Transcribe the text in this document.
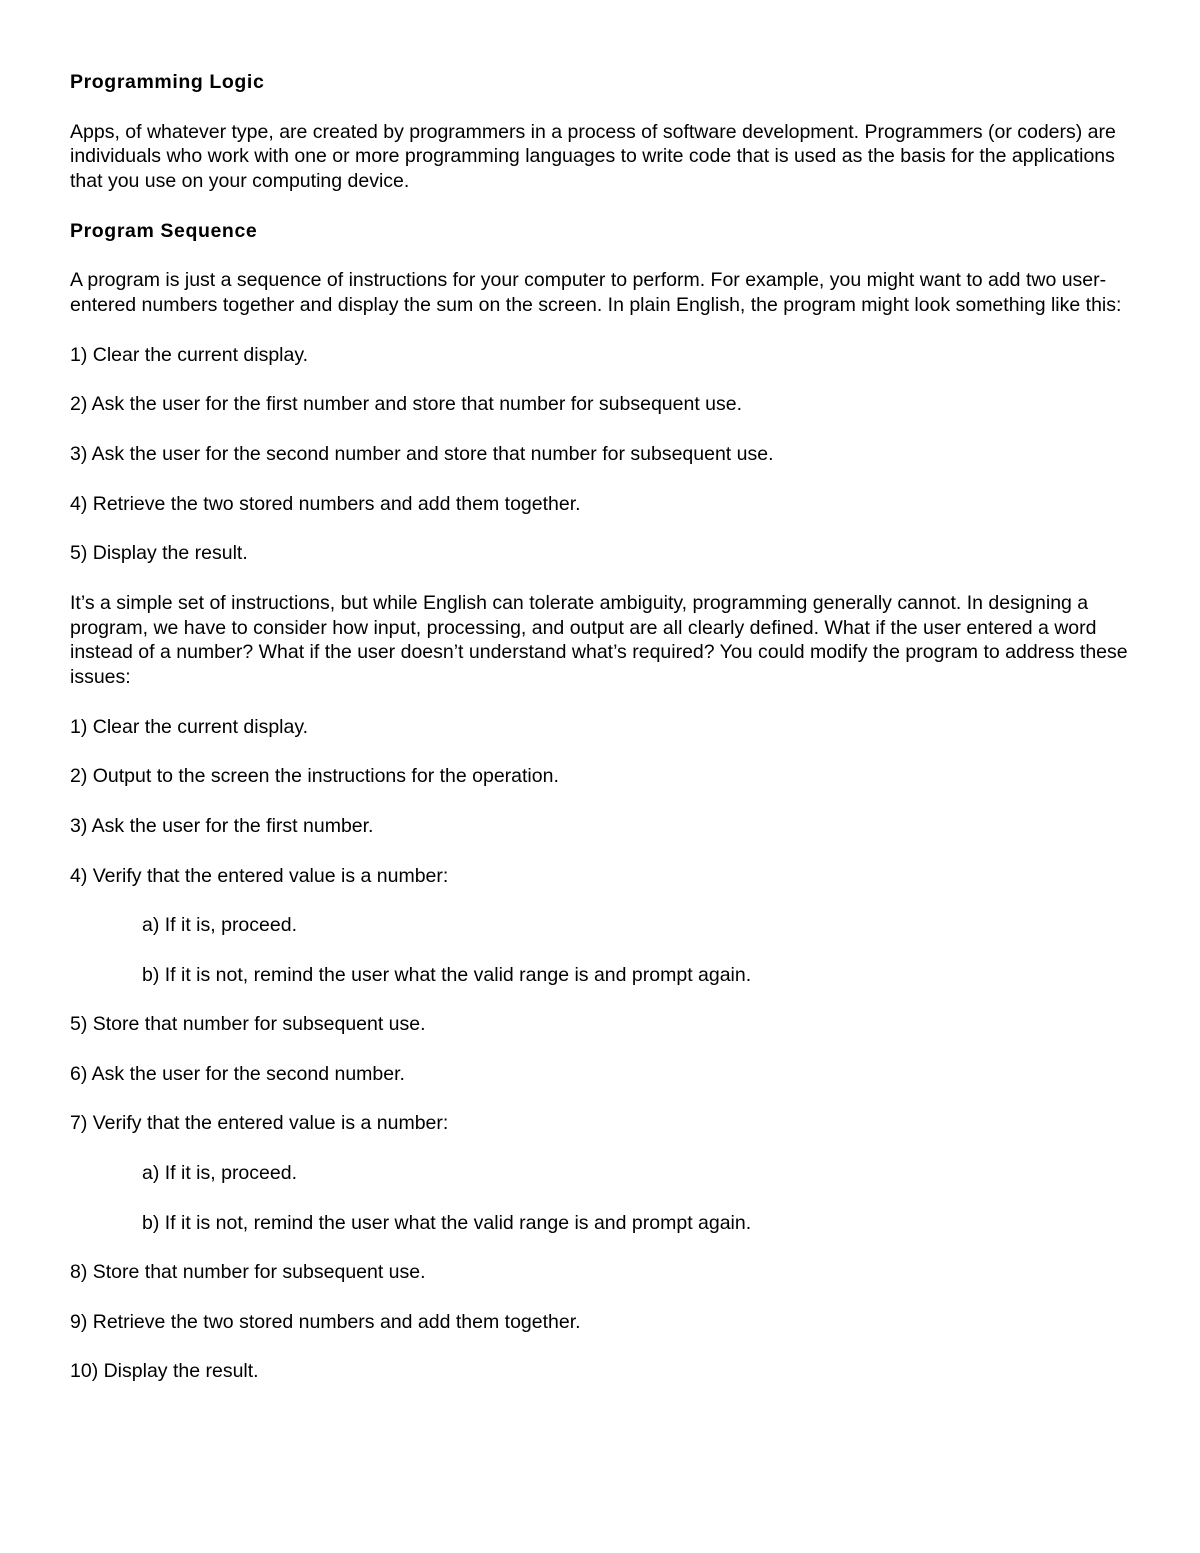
Programming Logic
Apps, of whatever type, are created by programmers in a process of software development. Programmers (or coders) are individuals who work with one or more programming languages to write code that is used as the basis for the applications that you use on your computing device.
Program Sequence
A program is just a sequence of instructions for your computer to perform. For example, you might want to add two user-entered numbers together and display the sum on the screen. In plain English, the program might look something like this:
1) Clear the current display.
2) Ask the user for the first number and store that number for subsequent use.
3) Ask the user for the second number and store that number for subsequent use.
4) Retrieve the two stored numbers and add them together.
5) Display the result.
It’s a simple set of instructions, but while English can tolerate ambiguity, programming generally cannot. In designing a program, we have to consider how input, processing, and output are all clearly defined. What if the user entered a word instead of a number? What if the user doesn’t understand what’s required? You could modify the program to address these issues:
1) Clear the current display.
2) Output to the screen the instructions for the operation.
3) Ask the user for the first number.
4) Verify that the entered value is a number:
a) If it is, proceed.
b) If it is not, remind the user what the valid range is and prompt again.
5) Store that number for subsequent use.
6) Ask the user for the second number.
7) Verify that the entered value is a number:
a) If it is, proceed.
b) If it is not, remind the user what the valid range is and prompt again.
8) Store that number for subsequent use.
9) Retrieve the two stored numbers and add them together.
10) Display the result.
